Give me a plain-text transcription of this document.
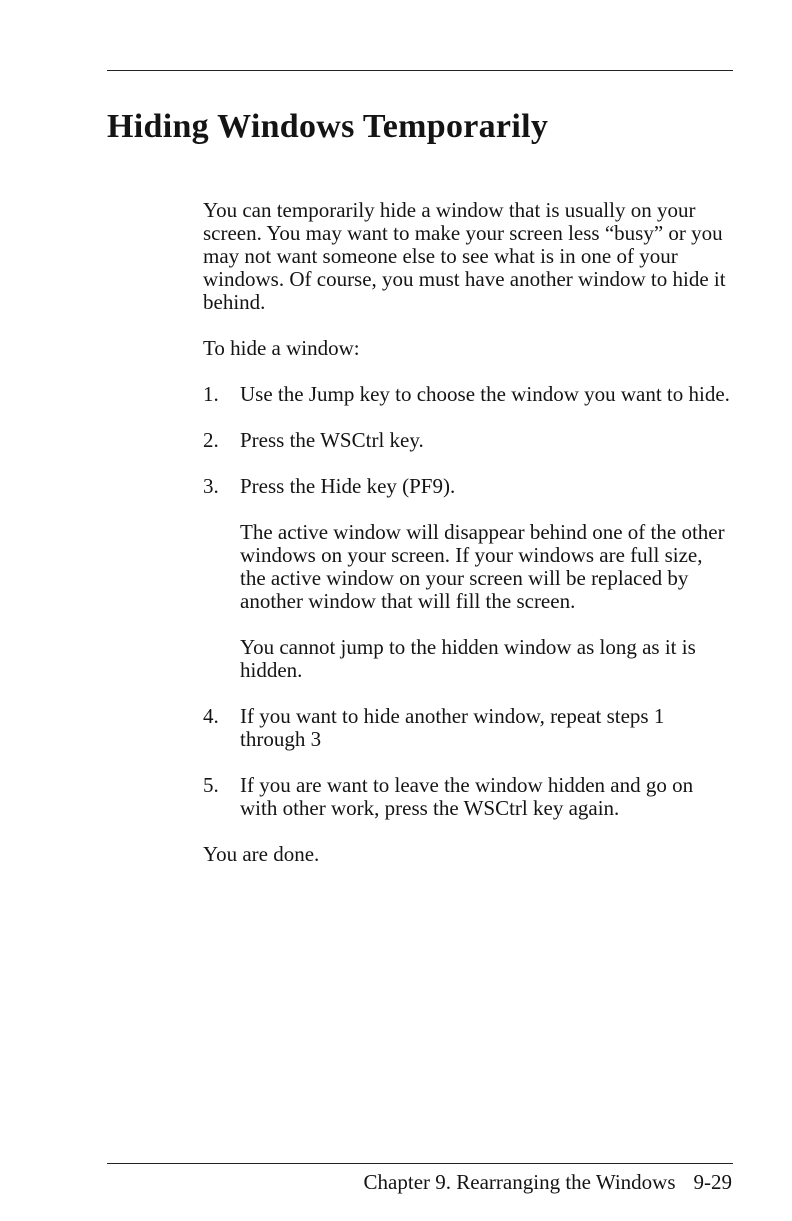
Hiding Windows Temporarily

You can temporarily hide a window that is usually on your screen. You may want to make your screen less “busy” or you may not want someone else to see what is in one of your windows. Of course, you must have another window to hide it behind.

To hide a window:

1.	Use the Jump key to choose the window you want to hide.

2.	Press the WSCtrl key.

3.	Press the Hide key (PF9).

The active window will disappear behind one of the other windows on your screen. If your windows are full size, the active window on your screen will be replaced by another window that will fill the screen.

You cannot jump to the hidden window as long as it is hidden.

4.	If you want to hide another window, repeat steps 1 through 3

5.	If you are want to leave the window hidden and go on with other work, press the WSCtrl key again.

You are done.

Chapter 9. Rearranging the Windows 9-29
